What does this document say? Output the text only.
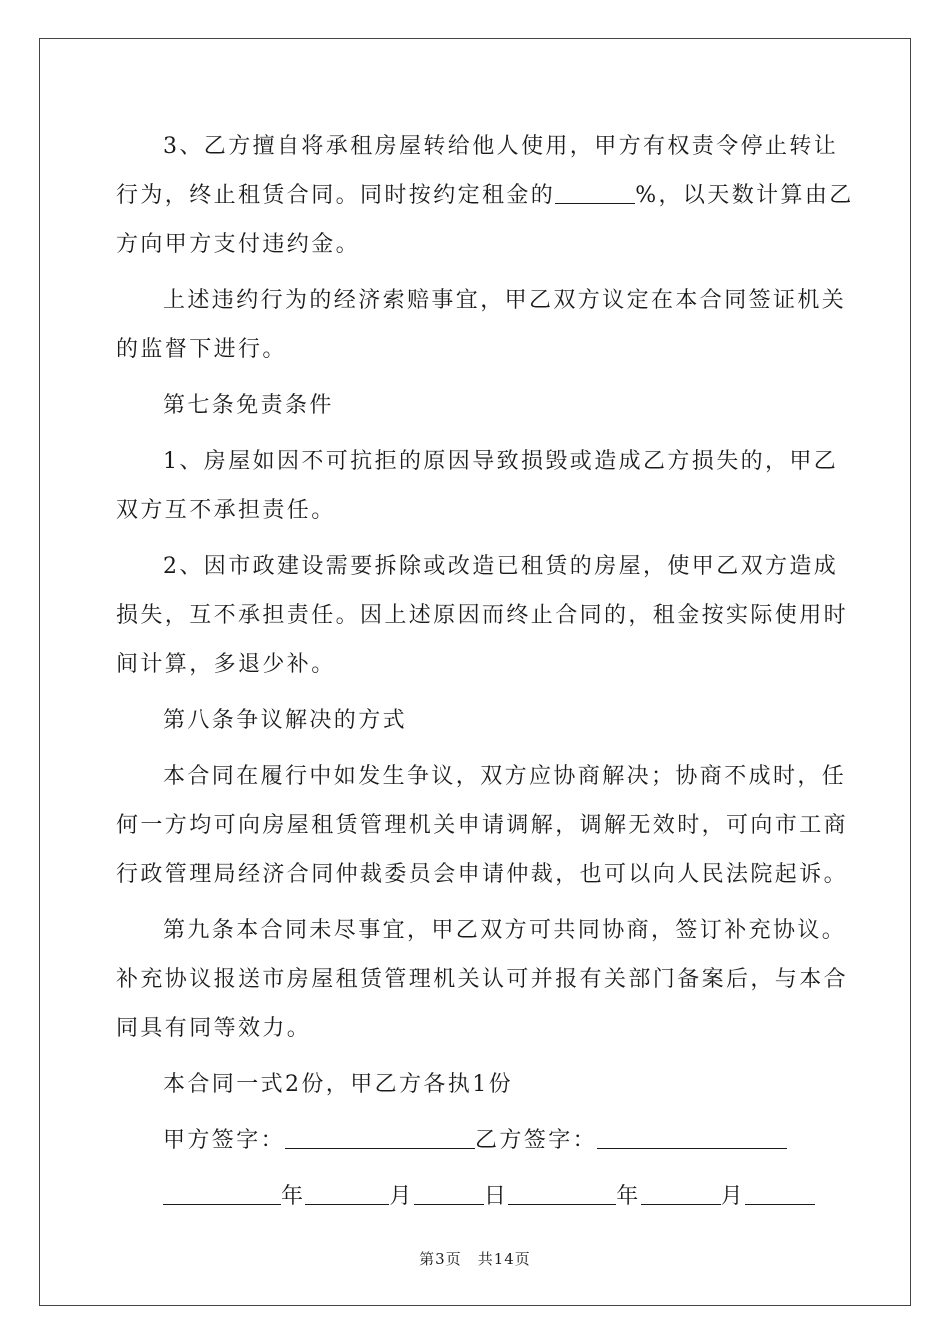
3、乙方擅自将承租房屋转给他人使用，甲方有权责令停止转让
行为，终止租赁合同。同时按约定租金的	%，以天数计算由乙
方向甲方支付违约金。
上述违约行为的经济索赔事宜，甲乙双方议定在本合同签证机关
的监督下进行。
第七条免责条件
1、房屋如因不可抗拒的原因导致损毁或造成乙方损失的，甲乙
双方互不承担责任。
2、因市政建设需要拆除或改造已租赁的房屋，使甲乙双方造成
损失，互不承担责任。因上述原因而终止合同的，租金按实际使用时
间计算，多退少补。
第八条争议解决的方式
本合同在履行中如发生争议，双方应协商解决；协商不成时，任
何一方均可向房屋租赁管理机关申请调解，调解无效时，可向市工商
行政管理局经济合同仲裁委员会申请仲裁，也可以向人民法院起诉。
第九条本合同未尽事宜，甲乙双方可共同协商，签订补充协议。
补充协议报送市房屋租赁管理机关认可并报有关部门备案后，与本合
同具有同等效力。
本合同一式2份，甲乙方各执1份
甲方签字：	乙方签字：
年	月	日	年	月
第3页　共14页
